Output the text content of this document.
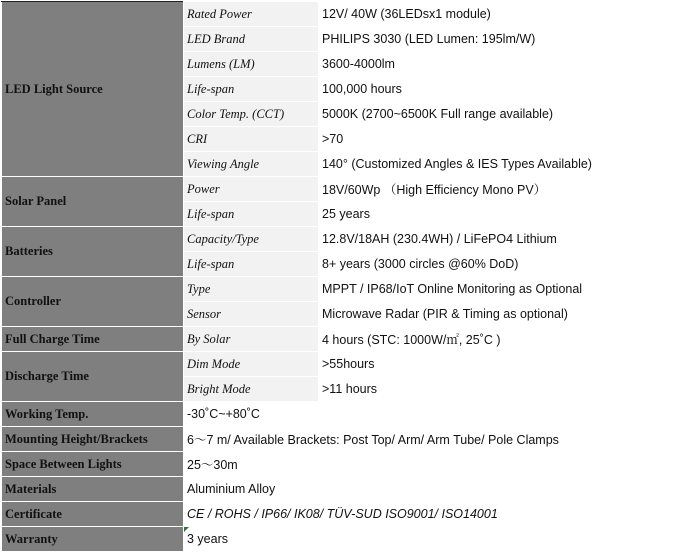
LED Light Source	Rated Power	12V/ 40W (36LEDsx1 module)
	LED Brand	PHILIPS 3030 (LED Lumen: 195lm/W)
	Lumens (LM)	3600-4000lm
	Life-span	100,000 hours
	Color Temp. (CCT)	5000K (2700~6500K Full range available)
	CRI	>70
	Viewing Angle	140° (Customized Angles & IES Types Available)
Solar Panel	Power	18V/60Wp （High Efficiency Mono PV）
	Life-span	25 years
Batteries	Capacity/Type	12.8V/18AH (230.4WH) / LiFePO4 Lithium
	Life-span	8+ years (3000 circles @60% DoD)
Controller	Type	MPPT / IP68/IoT Online Monitoring as Optional
	Sensor	Microwave Radar (PIR & Timing as optional)
Full Charge Time	By Solar	4 hours (STC: 1000W/㎡, 25˚C )
Discharge Time	Dim Mode	>55hours
	Bright Mode	>11 hours
Working Temp.	-30˚C~+80˚C	
Mounting Height/Brackets	6～7 m/ Available Brackets: Post Top/ Arm/ Arm Tube/ Pole Clamps	
Space Between Lights	25～30m	
Materials	Aluminium Alloy	
Certificate	CE / ROHS / IP66/ IK08/ TÜV-SUD ISO9001/ ISO14001	
Warranty	3 years	
